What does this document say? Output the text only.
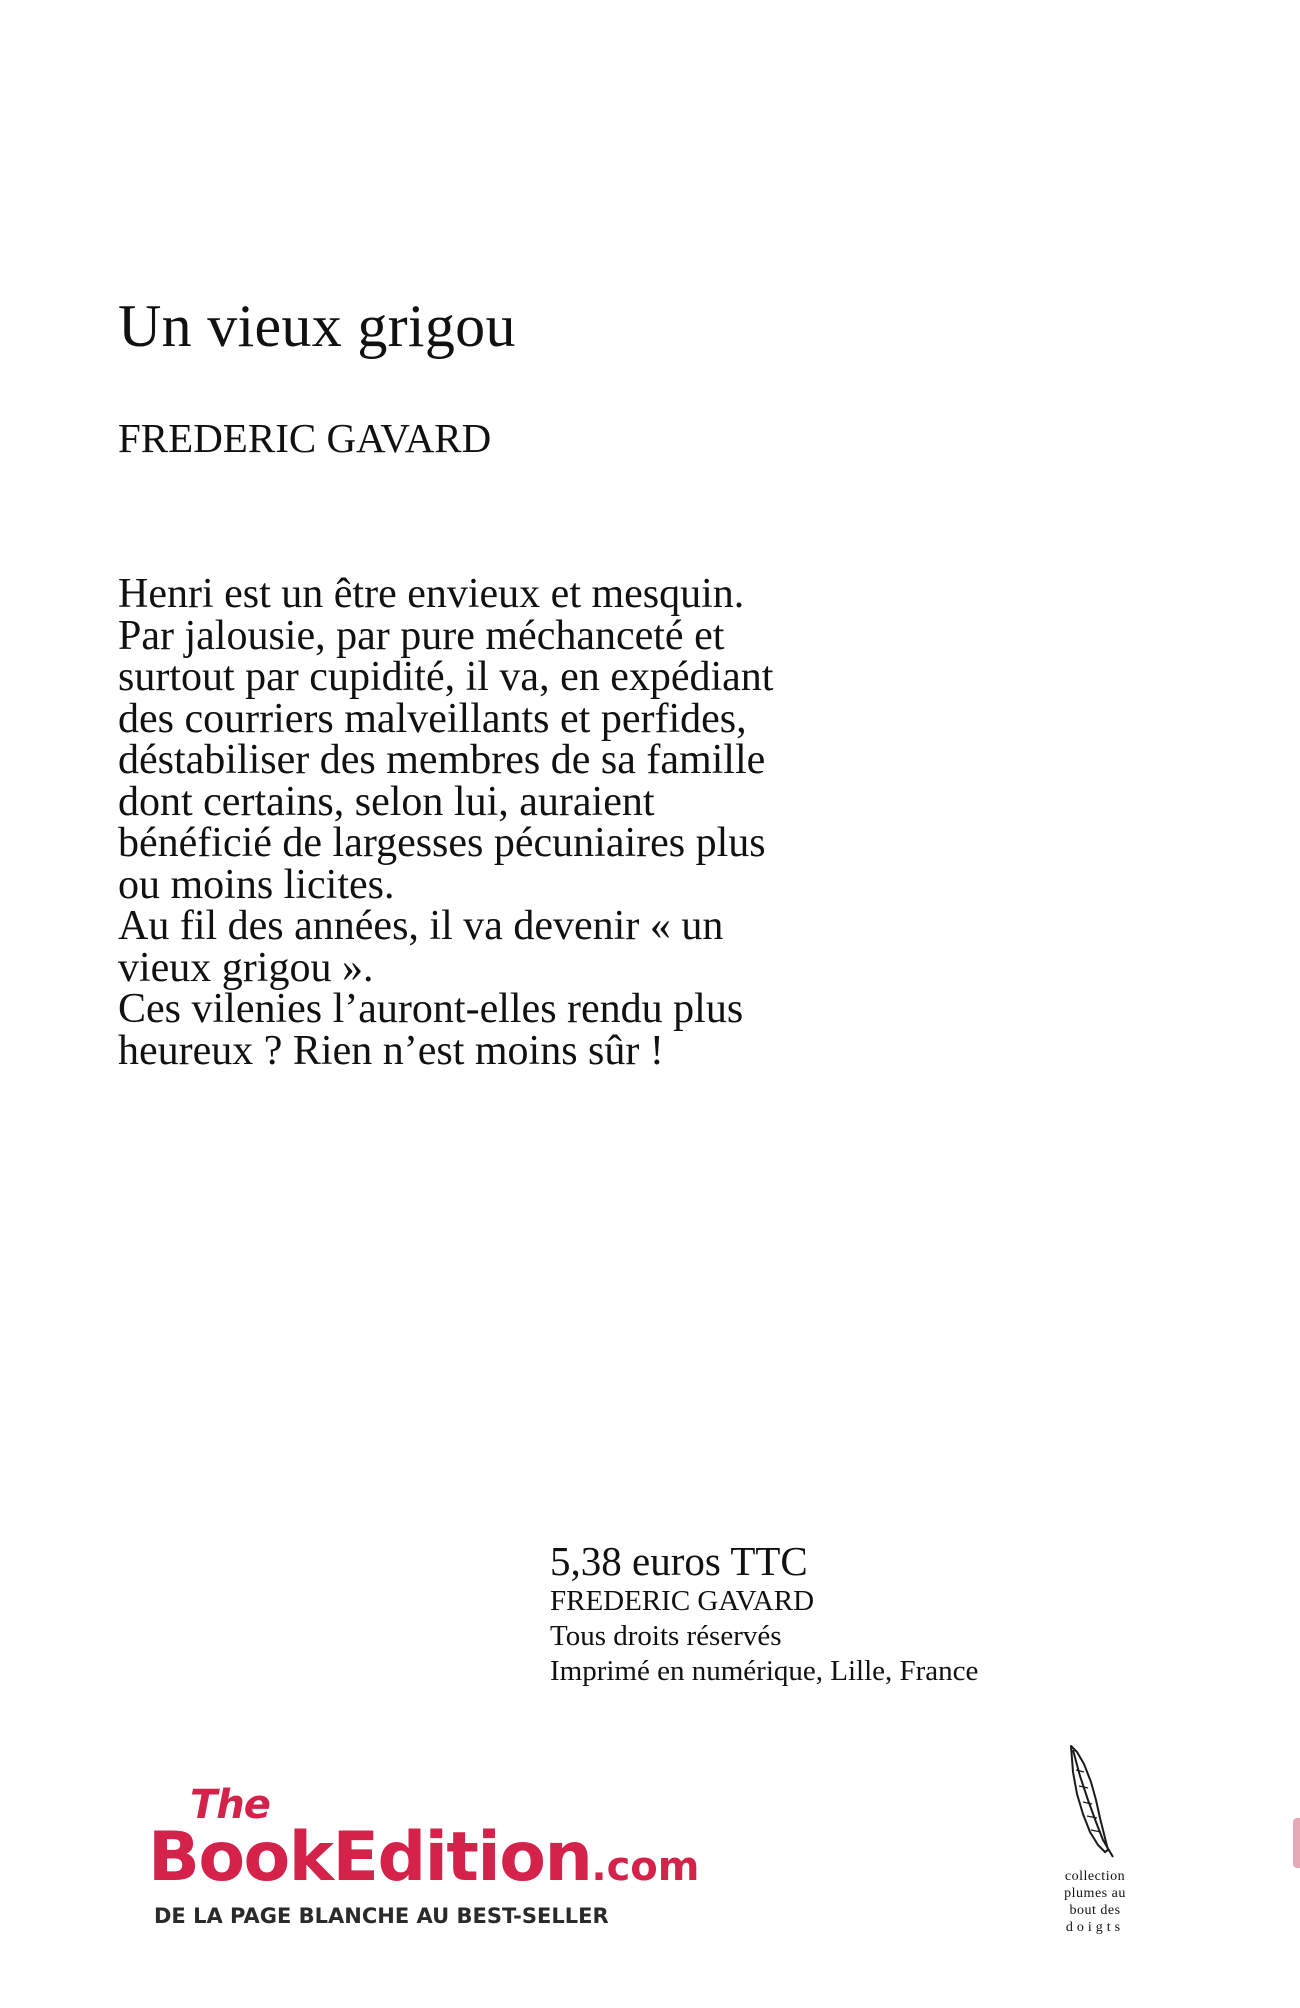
Un vieux grigou
FREDERIC GAVARD

Henri est un être envieux et mesquin.

Par jalousie, par pure méchanceté et

surtout par cupidité, il va, en expédiant

des courriers malveillants et perfides,

déstabiliser des membres de sa famille

dont certains, selon lui, auraient

bénéficié de largesses pécuniaires plus

ou moins licites.

Au fil des années, il va devenir « un

vieux grigou ».

Ces vilenies l’auront-elles rendu plus

heureux ? Rien n’est moins sûr !

5,38 euros TTC
FREDERIC GAVARD
Tous droits réservés
Imprimé en numérique, Lille, France
The
BookEdition.com
DE LA PAGE BLANCHE AU BEST-SELLER
collection
plumes au
bout des
doigts
